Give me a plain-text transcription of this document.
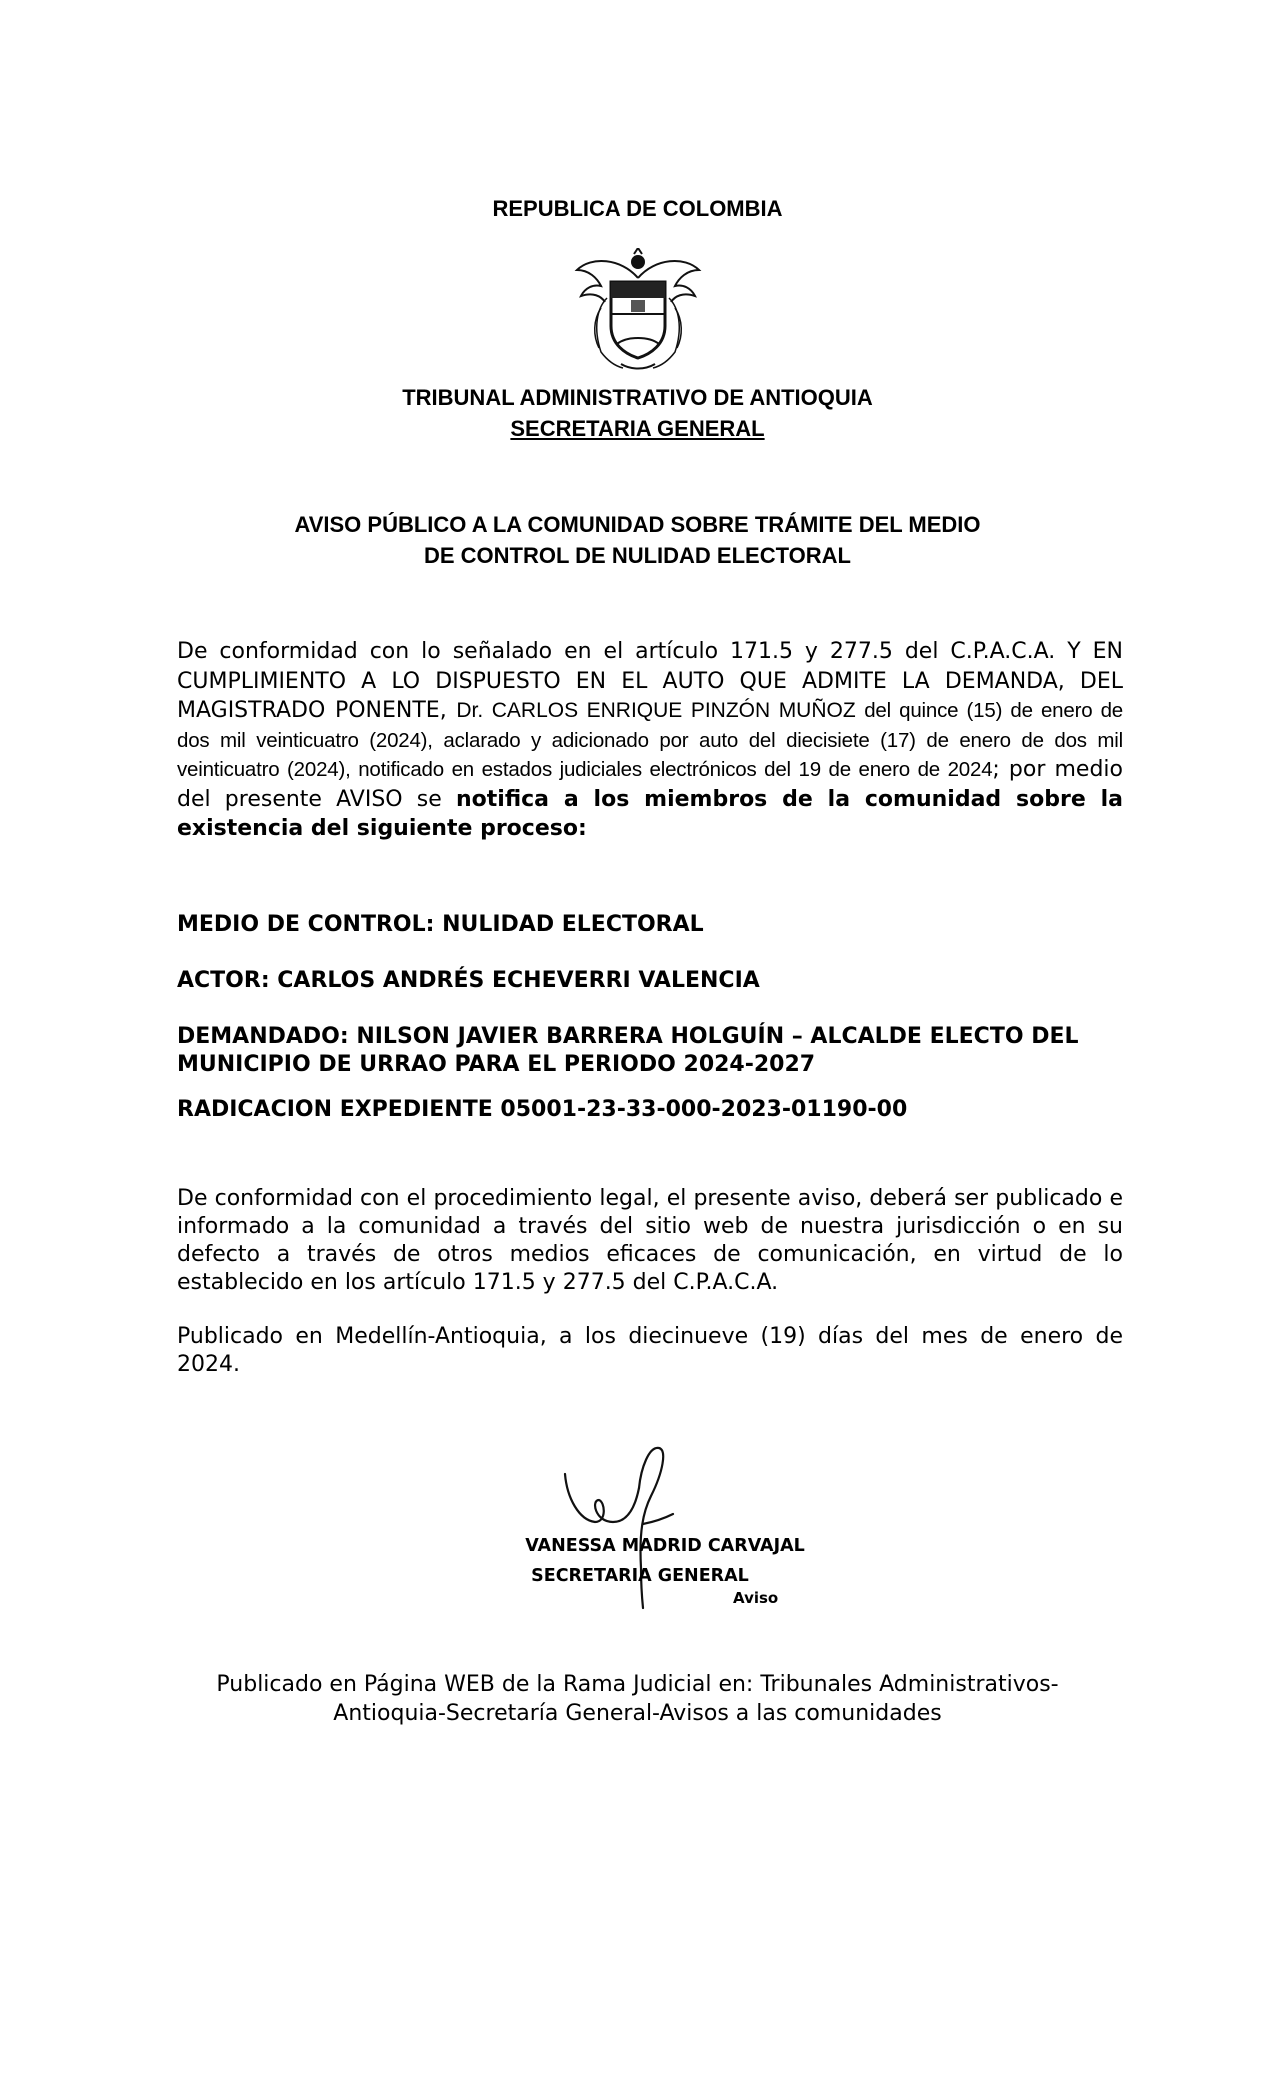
REPUBLICA DE COLOMBIA
TRIBUNAL ADMINISTRATIVO DE ANTIOQUIA
SECRETARIA GENERAL
AVISO PÚBLICO A LA COMUNIDAD SOBRE TRÁMITE DEL MEDIO
DE CONTROL DE NULIDAD ELECTORAL
De conformidad con lo señalado en el artículo 171.5 y 277.5 del C.P.A.C.A. Y EN CUMPLIMIENTO A LO DISPUESTO EN EL AUTO QUE ADMITE LA DEMANDA, DEL MAGISTRADO PONENTE, Dr. CARLOS ENRIQUE PINZÓN MUÑOZ del quince (15) de enero de dos mil veinticuatro (2024), aclarado y adicionado por auto del diecisiete (17) de enero de dos mil veinticuatro (2024), notificado en estados judiciales electrónicos del 19 de enero de 2024; por medio del presente AVISO se notifica a los miembros de la comunidad sobre la existencia del siguiente proceso:
MEDIO DE CONTROL: NULIDAD ELECTORAL
ACTOR: CARLOS ANDRÉS ECHEVERRI VALENCIA
DEMANDADO: NILSON JAVIER BARRERA HOLGUÍN – ALCALDE ELECTO DEL
MUNICIPIO DE URRAO PARA EL PERIODO 2024-2027
RADICACION EXPEDIENTE 05001-23-33-000-2023-01190-00
De conformidad con el procedimiento legal, el presente aviso, deberá ser publicado e informado a la comunidad a través del sitio web de nuestra jurisdicción o en su defecto a través de otros medios eficaces de comunicación, en virtud de lo establecido en los artículo 171.5 y 277.5 del C.P.A.C.A.
Publicado en Medellín-Antioquia, a los diecinueve (19) días del mes de enero de 2024.
VANESSA MADRID CARVAJAL
SECRETARIA GENERAL
Aviso
Publicado en Página WEB de la Rama Judicial en: Tribunales Administrativos-
Antioquia-Secretaría General-Avisos a las comunidades
